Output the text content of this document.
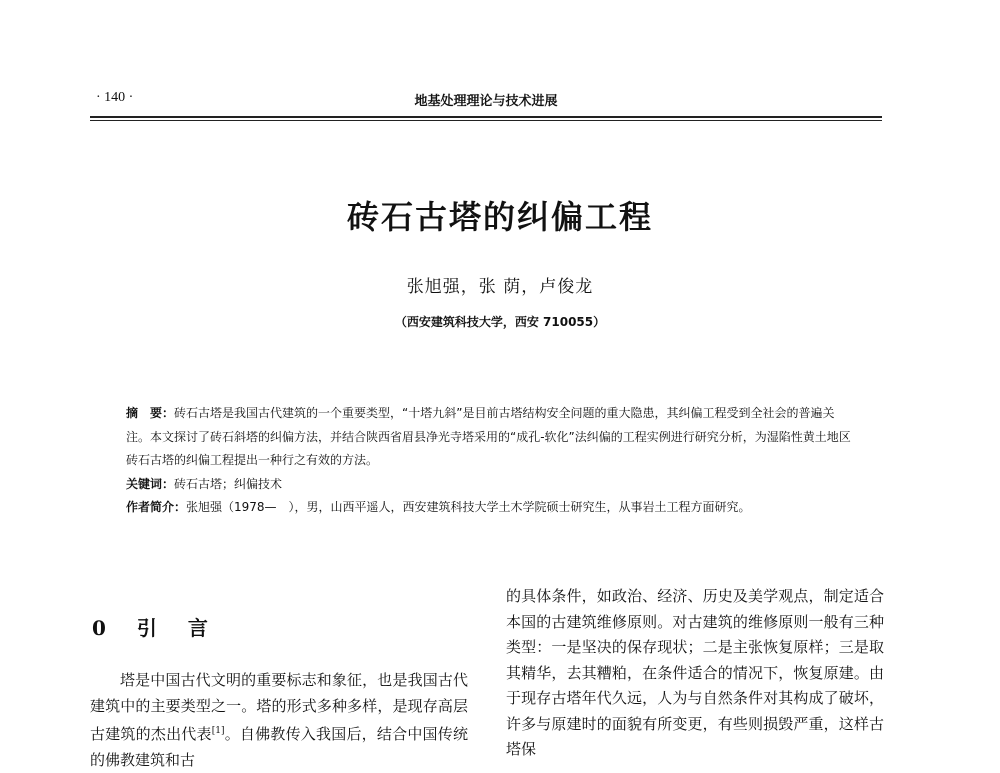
· 140 ·	地基处理理论与技术进展
砖石古塔的纠偏工程
张旭强，张 荫，卢俊龙
（西安建筑科技大学，西安 710055）

摘　要：砖石古塔是我国古代建筑的一个重要类型，“十塔九斜”是目前古塔结构安全问题的重大隐患，其纠偏工程受到全社会的普遍关注。本文探讨了砖石斜塔的纠偏方法，并结合陕西省眉县净光寺塔采用的“成孔-软化”法纠偏的工程实例进行研究分析，为湿陷性黄土地区砖石古塔的纠偏工程提出一种行之有效的方法。

关键词：砖石古塔；纠偏技术

作者简介：张旭强（1978—　），男，山西平遥人，西安建筑科技大学土木学院硕士研究生，从事岩土工程方面研究。

0 引 言

塔是中国古代文明的重要标志和象征，也是我国古代建筑中的主要类型之一。塔的形式多种多样，是现存高层古建筑的杰出代表[1]。自佛教传入我国后，结合中国传统的佛教建筑和古

的具体条件，如政治、经济、历史及美学观点，制定适合本国的古建筑维修原则。对古建筑的维修原则一般有三种类型：一是坚决的保存现状；二是主张恢复原样；三是取其精华，去其糟粕，在条件适合的情况下，恢复原建。由于现存古塔年代久远，人为与自然条件对其构成了破坏，许多与原建时的面貌有所变更，有些则损毁严重，这样古塔保
